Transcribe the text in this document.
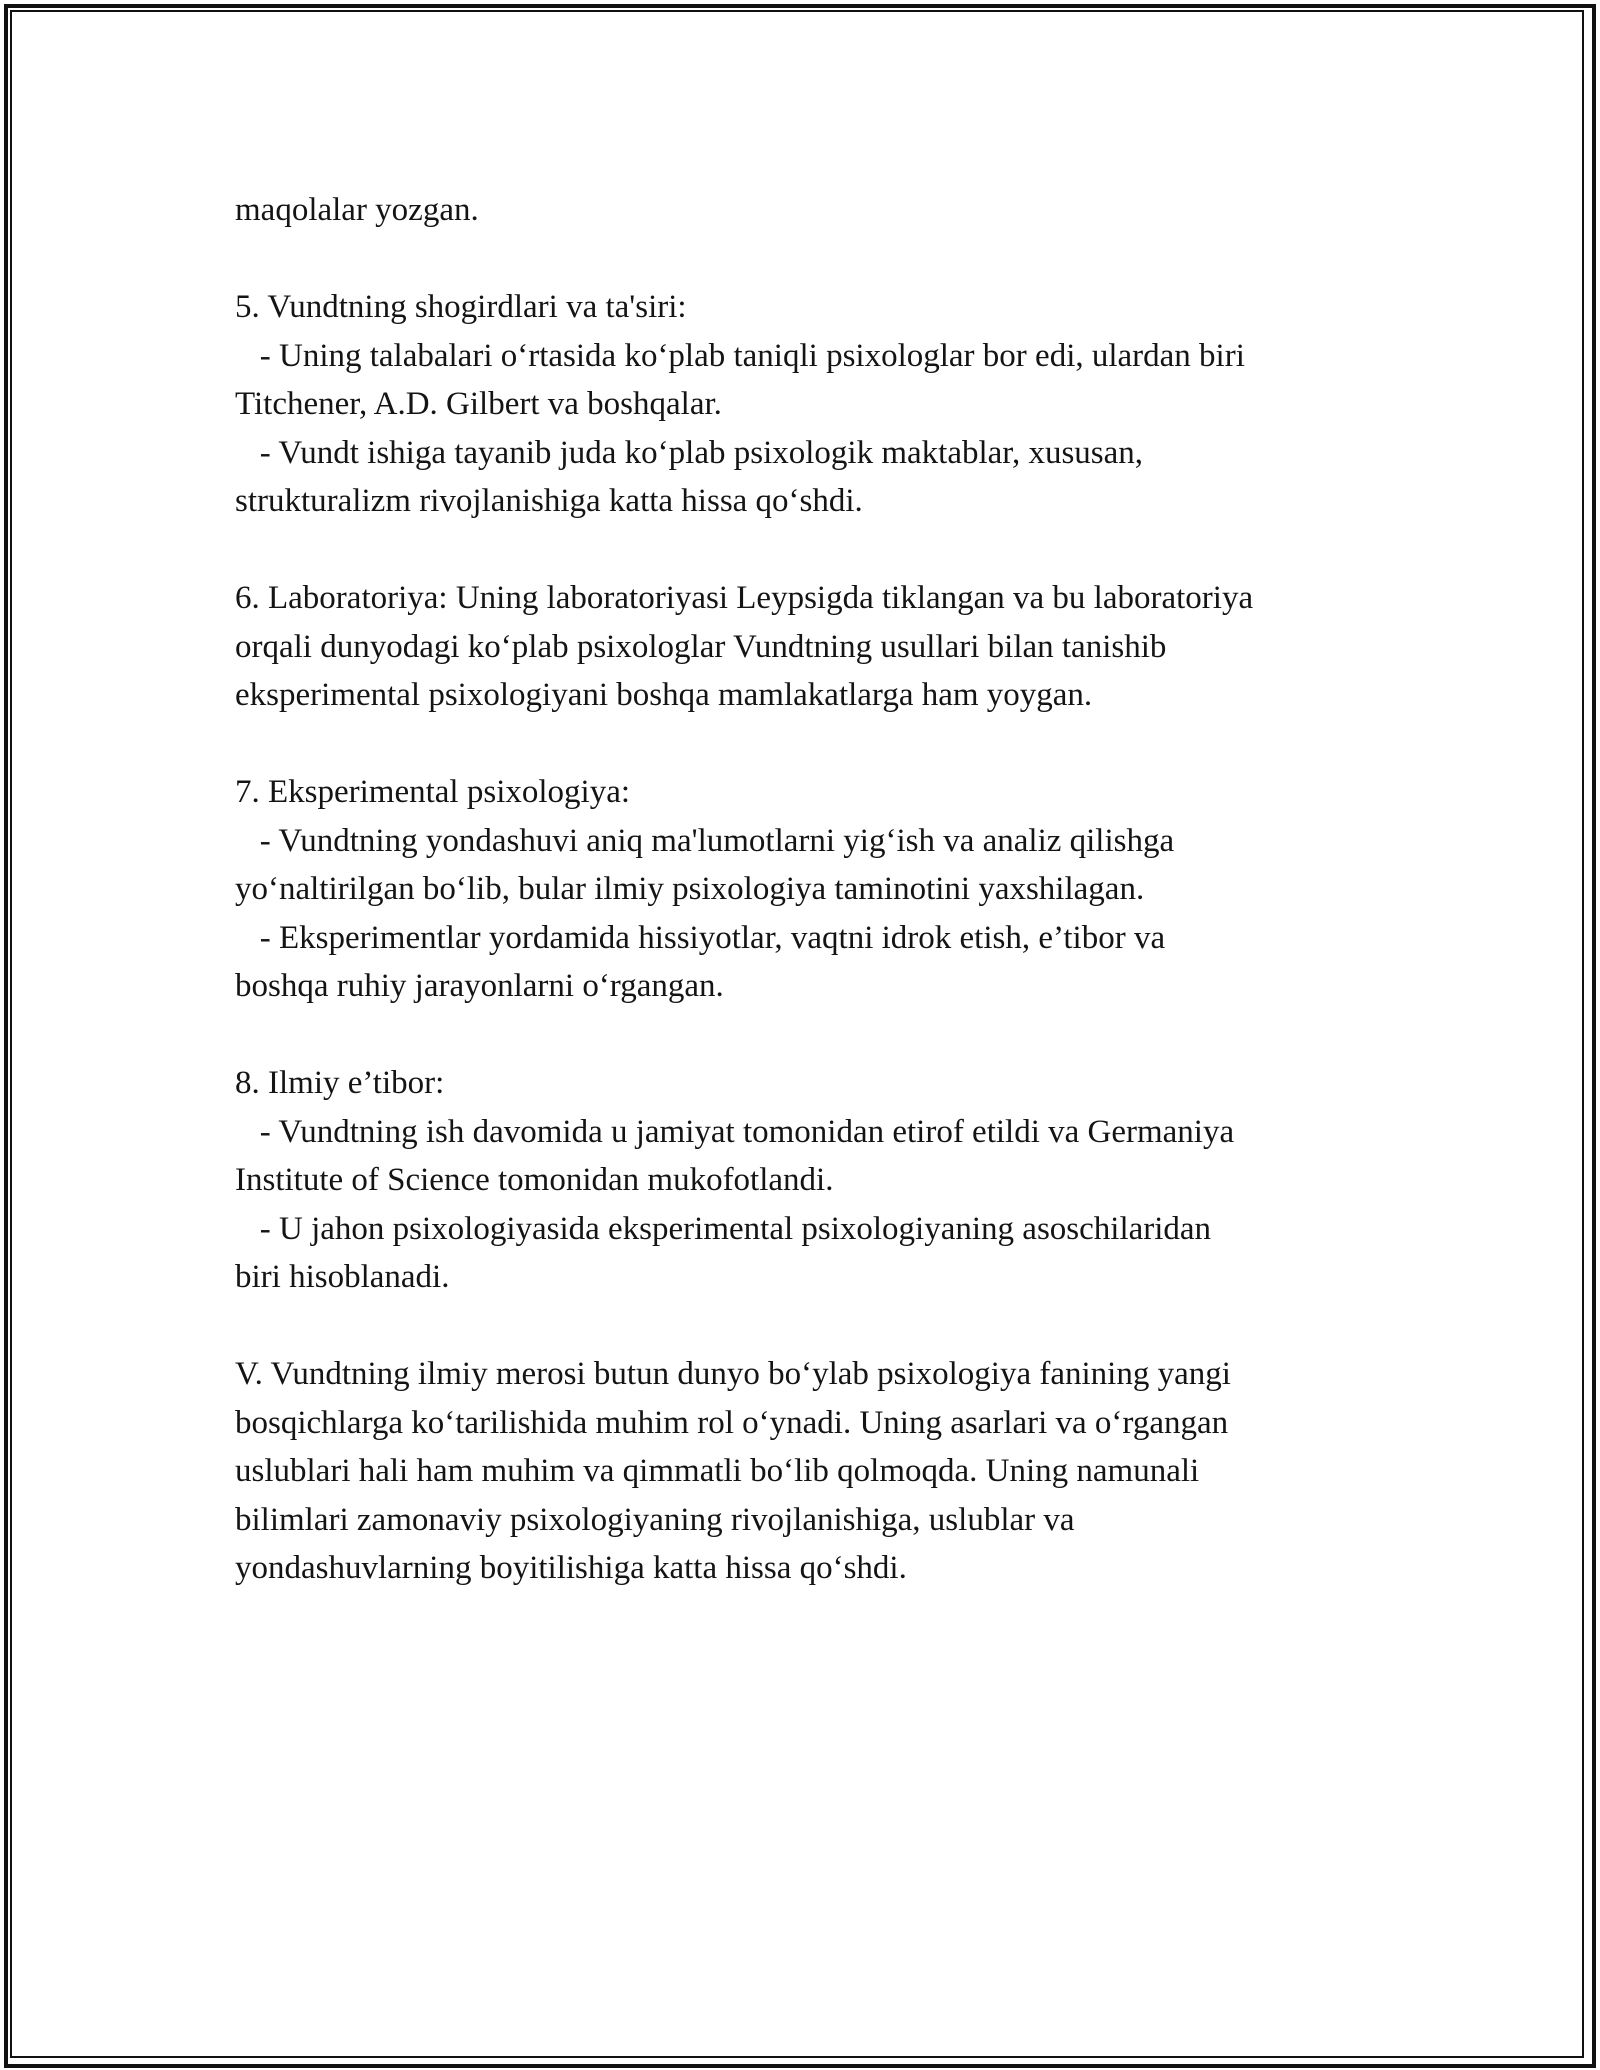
maqolalar yozgan.
5. Vundtning shogirdlari va ta'siri:
- Uning talabalari o‘rtasida ko‘plab taniqli psixologlar bor edi, ulardan biri
Titchener, A.D. Gilbert va boshqalar.
- Vundt ishiga tayanib juda ko‘plab psixologik maktablar, xususan,
strukturalizm rivojlanishiga katta hissa qo‘shdi.
6. Laboratoriya: Uning laboratoriyasi Leypsigda tiklangan va bu laboratoriya
orqali dunyodagi ko‘plab psixologlar Vundtning usullari bilan tanishib
eksperimental psixologiyani boshqa mamlakatlarga ham yoygan.
7. Eksperimental psixologiya:
- Vundtning yondashuvi aniq ma'lumotlarni yig‘ish va analiz qilishga
yo‘naltirilgan bo‘lib, bular ilmiy psixologiya taminotini yaxshilagan.
- Eksperimentlar yordamida hissiyotlar, vaqtni idrok etish, e’tibor va
boshqa ruhiy jarayonlarni o‘rgangan.
8. Ilmiy e’tibor:
- Vundtning ish davomida u jamiyat tomonidan etirof etildi va Germaniya
Institute of Science tomonidan mukofotlandi.
- U jahon psixologiyasida eksperimental psixologiyaning asoschilaridan
biri hisoblanadi.
V. Vundtning ilmiy merosi butun dunyo bo‘ylab psixologiya fanining yangi
bosqichlarga ko‘tarilishida muhim rol o‘ynadi. Uning asarlari va o‘rgangan
uslublari hali ham muhim va qimmatli bo‘lib qolmoqda. Uning namunali
bilimlari zamonaviy psixologiyaning rivojlanishiga, uslublar va
yondashuvlarning boyitilishiga katta hissa qo‘shdi.
